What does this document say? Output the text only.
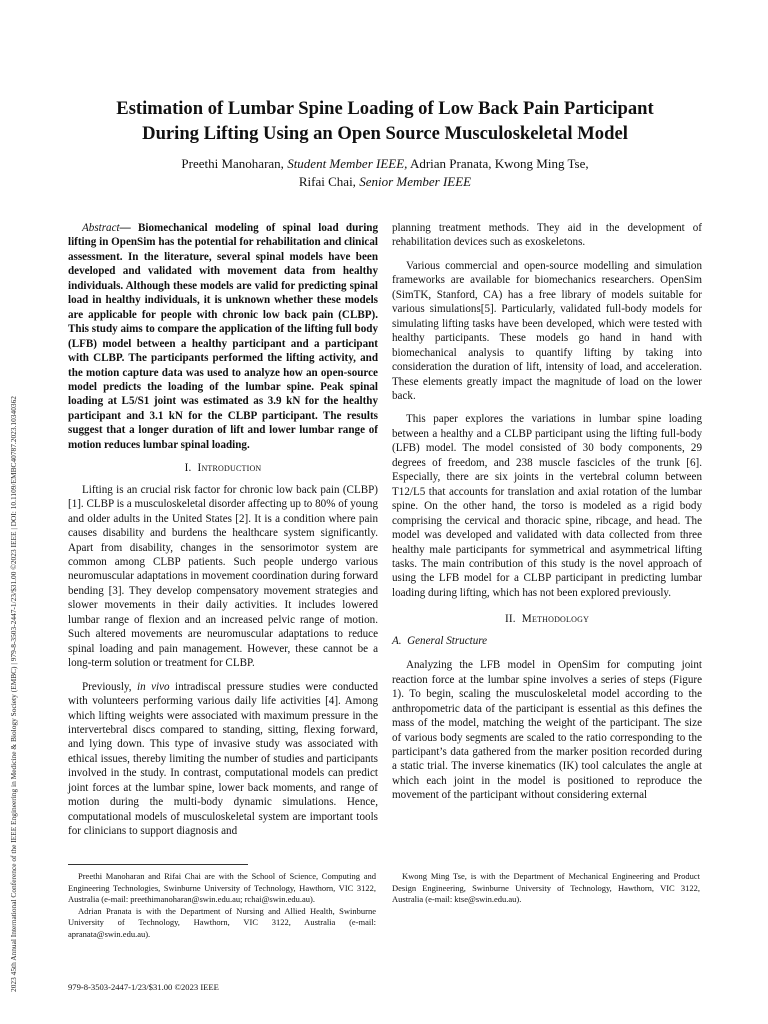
2023 45th Annual International Conference of the IEEE Engineering in Medicine & Biology Society (EMBC) | 979-8-3503-2447-1/23/$31.00 ©2023 IEEE | DOI: 10.1109/EMBC40787.2023.10340362
Estimation of Lumbar Spine Loading of Low Back Pain Participant
During Lifting Using an Open Source Musculoskeletal Model
Preethi Manoharan, Student Member IEEE, Adrian Pranata, Kwong Ming Tse,
Rifai Chai, Senior Member IEEE

Abstract— Biomechanical modeling of spinal load during lifting in OpenSim has the potential for rehabilitation and clinical assessment. In the literature, several spinal models have been developed and validated with movement data from healthy individuals. Although these models are valid for predicting spinal load in healthy individuals, it is unknown whether these models are applicable for people with chronic low back pain (CLBP). This study aims to compare the application of the lifting full body (LFB) model between a healthy participant and a participant with CLBP. The participants performed the lifting activity, and the motion capture data was used to analyze how an open-source model predicts the loading of the lumbar spine. Peak spinal loading at L5/S1 joint was estimated as 3.9 kN for the healthy participant and 3.1 kN for the CLBP participant. The results suggest that a longer duration of lift and lower lumbar range of motion reduces lumbar spinal loading.

I. Introduction

Lifting is an crucial risk factor for chronic low back pain (CLBP) [1]. CLBP is a musculoskeletal disorder affecting up to 80% of young and older adults in the United States [2]. It is a condition where pain causes disability and burdens the healthcare system significantly. Apart from disability, changes in the sensorimotor system are common among CLBP patients. Such people undergo various neuromuscular adaptations in movement coordination during forward bending [3]. They develop compensatory movement strategies and slower movements in their daily activities. It includes lowered lumbar range of flexion and an increased pelvic range of motion. Such altered movements are neuromuscular adaptations to reduce spinal loading and pain management. However, these cannot be a long-term solution or treatment for CLBP.

Previously, in vivo intradiscal pressure studies were conducted with volunteers performing various daily life activities [4]. Among which lifting weights were associated with maximum pressure in the intervertebral discs compared to standing, sitting, flexing forward, and lying down. This type of invasive study was associated with ethical issues, thereby limiting the number of studies and participants involved in the study. In contrast, computational models can predict joint forces at the lumbar spine, lower back moments, and range of motion during the multi-body dynamic simulations. Hence, computational models of musculoskeletal system are important tools for clinicians to support diagnosis and

planning treatment methods. They aid in the development of rehabilitation devices such as exoskeletons.

Various commercial and open-source modelling and simulation frameworks are available for biomechanics researchers. OpenSim (SimTK, Stanford, CA) has a free library of models suitable for various simulations[5]. Particularly, validated full-body models for simulating lifting tasks have been developed, which were tested with healthy participants. These models go hand in hand with biomechanical analysis to quantify lifting by taking into consideration the duration of lift, intensity of load, and acceleration. These elements greatly impact the magnitude of load on the lower back.

This paper explores the variations in lumbar spine loading between a healthy and a CLBP participant using the lifting full-body (LFB) model. The model consisted of 30 body components, 29 degrees of freedom, and 238 muscle fascicles of the trunk [6]. Especially, there are six joints in the vertebral column between T12/L5 that accounts for translation and axial rotation of the lumbar spine. On the other hand, the torso is modeled as a rigid body comprising the cervical and thoracic spine, ribcage, and head. The model was developed and validated with data collected from three healthy male participants for symmetrical and asymmetrical lifting tasks. The main contribution of this study is the novel approach of using the LFB model for a CLBP participant in predicting lumbar loading during lifting, which has not been explored previously.

II. Methodology
A. General Structure

Analyzing the LFB model in OpenSim for computing joint reaction force at the lumbar spine involves a series of steps (Figure 1). To begin, scaling the musculoskeletal model according to the anthropometric data of the participant is essential as this defines the mass of the model, matching the weight of the participant. The size of various body segments are scaled to the ratio corresponding to the participant’s data gathered from the marker position recorded during a static trial. The inverse kinematics (IK) tool calculates the angle at which each joint in the model is positioned to reproduce the movement of the participant without considering external

Preethi Manoharan and Rifai Chai are with the School of Science, Computing and Engineering Technologies, Swinburne University of Technology, Hawthorn, VIC 3122, Australia (e-mail: preethimanoharan@swin.edu.au; rchai@swin.edu.au).

Adrian Pranata is with the Department of Nursing and Allied Health, Swinburne University of Technology, Hawthorn, VIC 3122, Australia (e-mail: apranata@swin.edu.au).

Kwong Ming Tse, is with the Department of Mechanical Engineering and Product Design Engineering, Swinburne University of Technology, Hawthorn, VIC 3122, Australia (e-mail: ktse@swin.edu.au).

979-8-3503-2447-1/23/$31.00 ©2023 IEEE
